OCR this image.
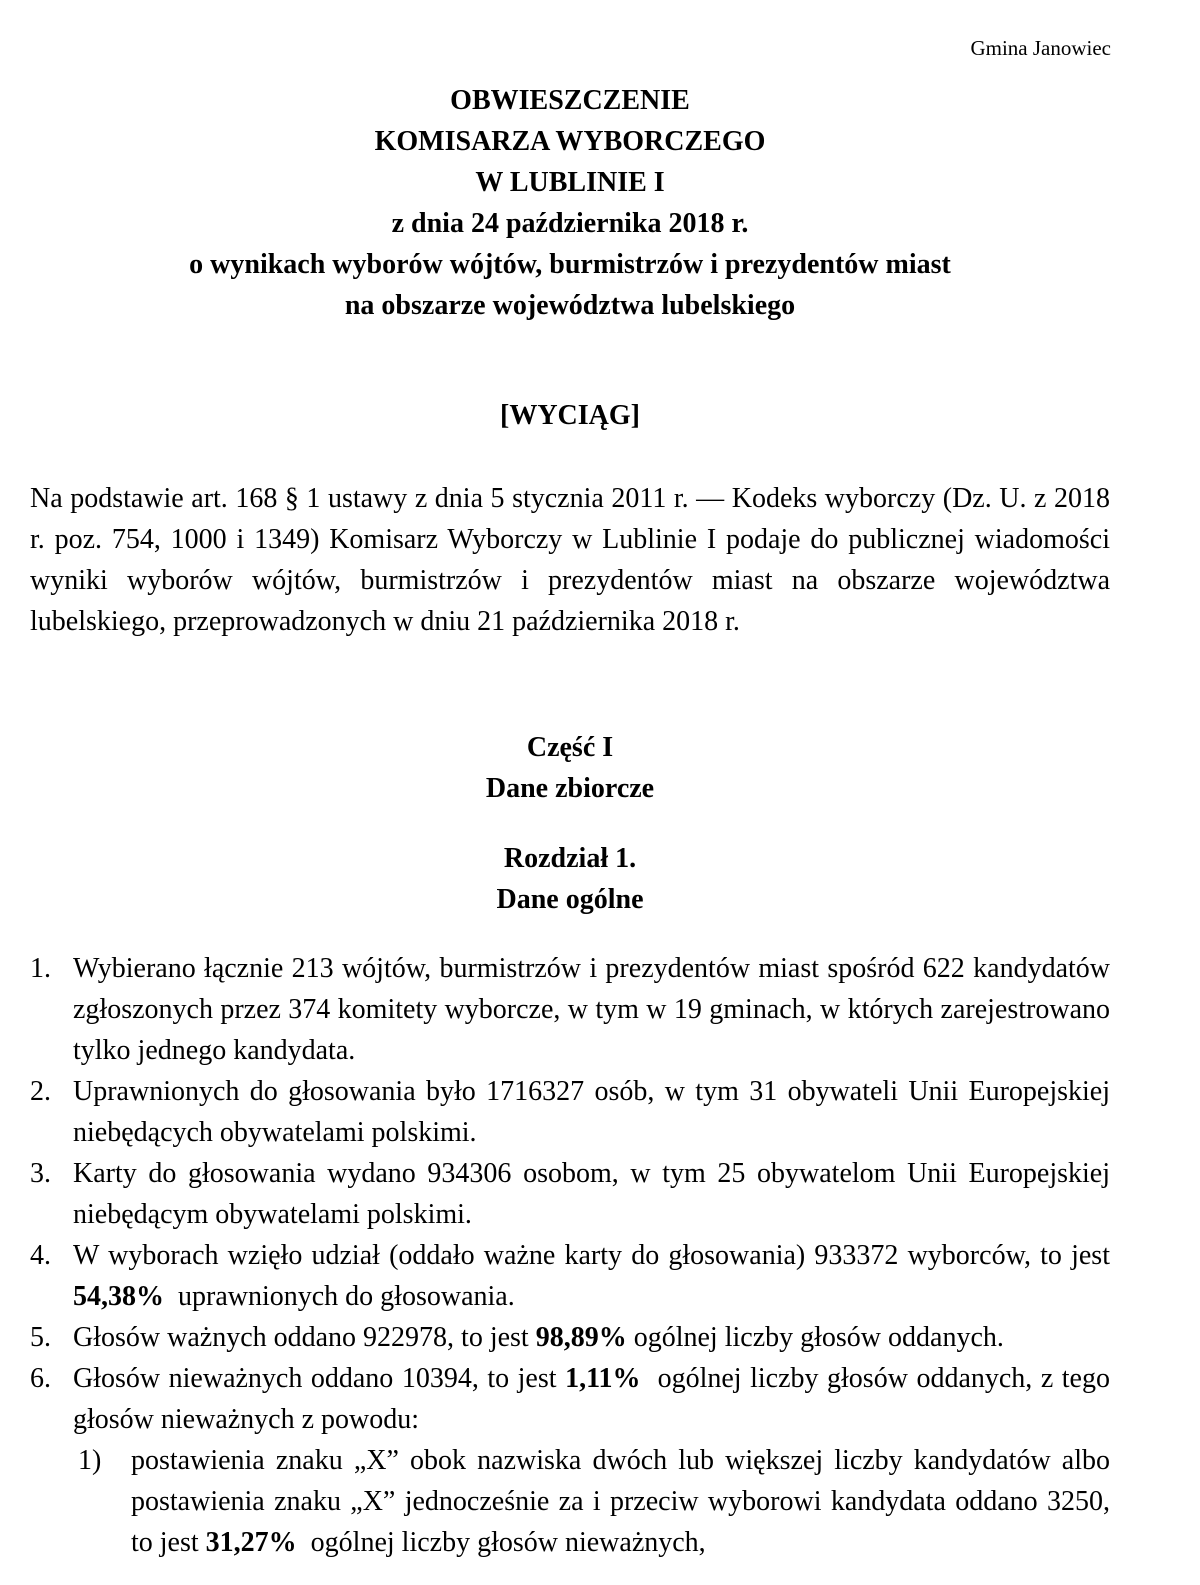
Gmina Janowiec
OBWIESZCZENIE
KOMISARZA WYBORCZEGO
W LUBLINIE I
z dnia 24 października 2018 r.
o wynikach wyborów wójtów, burmistrzów i prezydentów miast
na obszarze województwa lubelskiego
[WYCIĄG]
Na podstawie art. 168 § 1 ustawy z dnia 5 stycznia 2011 r. — Kodeks wyborczy (Dz. U. z 2018 r. poz. 754, 1000 i 1349) Komisarz Wyborczy w Lublinie I podaje do publicznej wiadomości wyniki wyborów wójtów, burmistrzów i prezydentów miast na obszarze województwa lubelskiego, przeprowadzonych w dniu 21 października 2018 r.
Część I
Dane zbiorcze
Rozdział 1.
Dane ogólne
1. Wybierano łącznie 213 wójtów, burmistrzów i prezydentów miast spośród 622 kandydatów zgłoszonych przez 374 komitety wyborcze, w tym w 19 gminach, w których zarejestrowano tylko jednego kandydata.
2. Uprawnionych do głosowania było 1716327 osób, w tym 31 obywateli Unii Europejskiej niebędących obywatelami polskimi.
3. Karty do głosowania wydano 934306 osobom, w tym 25 obywatelom Unii Europejskiej niebędącym obywatelami polskimi.
4. W wyborach wzięło udział (oddało ważne karty do głosowania) 933372 wyborców, to jest 54,38%  uprawnionych do głosowania.
5. Głosów ważnych oddano 922978, to jest 98,89% ogólnej liczby głosów oddanych.
6. Głosów nieważnych oddano 10394, to jest 1,11%  ogólnej liczby głosów oddanych, z tego głosów nieważnych z powodu:
1)	postawienia znaku „X” obok nazwiska dwóch lub większej liczby kandydatów albo postawienia znaku „X” jednocześnie za i przeciw wyborowi kandydata oddano 3250, to jest 31,27%  ogólnej liczby głosów nieważnych,
